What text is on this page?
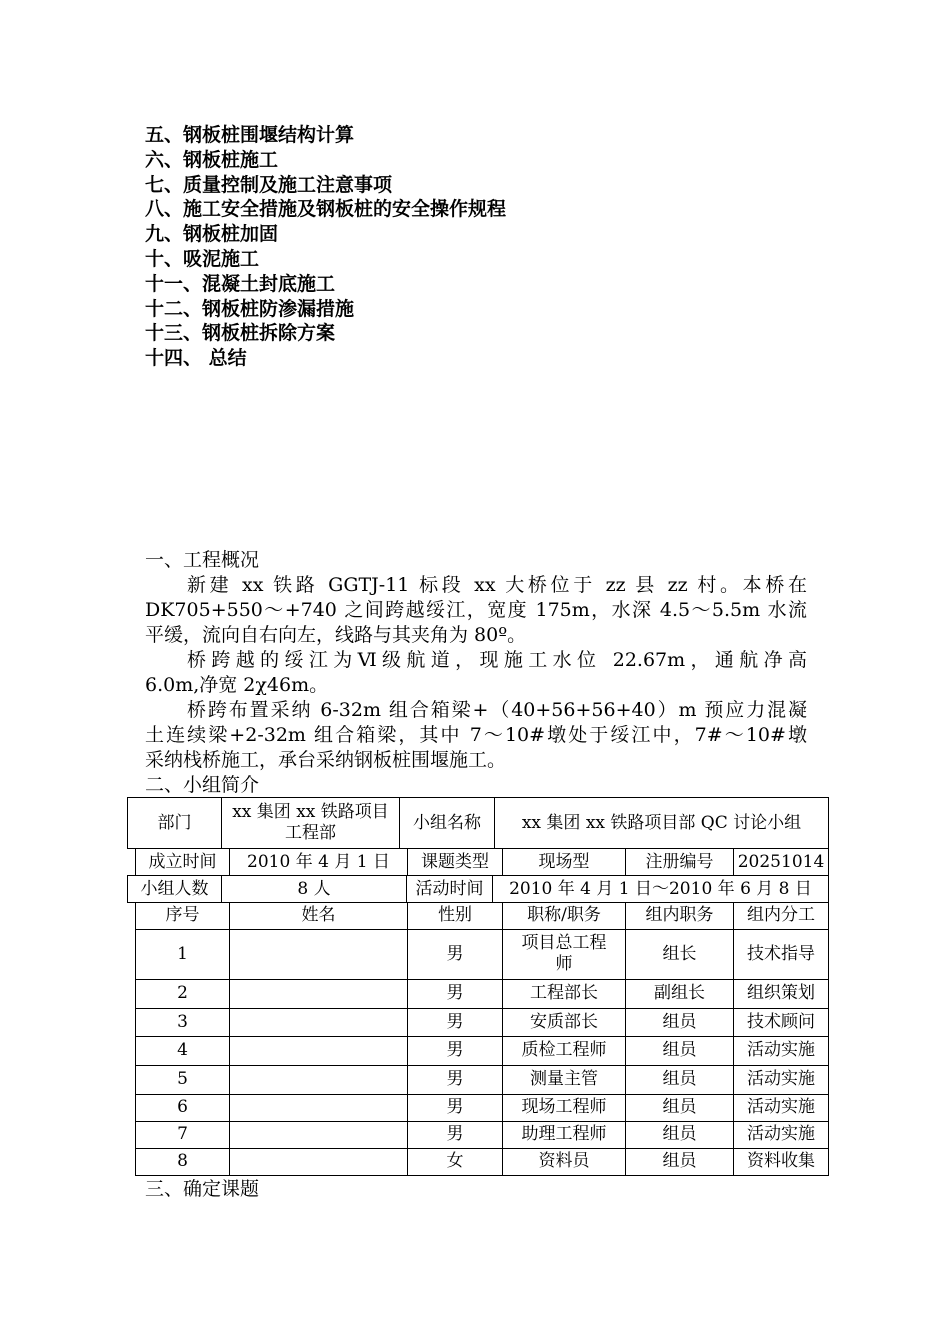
五、钢板桩围堰结构计算
六、钢板桩施工
七、质量控制及施工注意事项
八、施工安全措施及钢板桩的安全操作规程
九、钢板桩加固
十、吸泥施工
十一、混凝土封底施工
十二、钢板桩防渗漏措施
十三、钢板桩拆除方案
十四、 总结
一、工程概况
新建 xx 铁路 GGTJ-11 标段 xx 大桥位于 zz 县 zz 村。本桥在
DK705+550～+740 之间跨越绥江，宽度 175m，水深 4.5～5.5m 水流
平缓，流向自右向左，线路与其夹角为 80º。
桥跨越的绥江为Ⅵ级航道，现施工水位 22.67m，通航净高
6.0m,净宽 2χ46m。
桥跨布置采纳 6-32m 组合箱梁+（40+56+56+40）m 预应力混凝
土连续梁+2-32m 组合箱梁，其中 7～10#墩处于绥江中，7#～10#墩
采纳栈桥施工，承台采纳钢板桩围堰施工。
二、小组简介
部门	xx 集团 xx 铁路项目工程部	小组名称	xx 集团 xx 铁路项目部 QC 讨论小组
成立时间	2010 年 4 月 1 日	课题类型	现场型	注册编号	20251014
小组人数	8 人	活动时间	2010 年 4 月 1 日～2010 年 6 月 8 日
序号	姓名	性别	职称/职务	组内职务	组内分工
1		男	项目总工程师	组长	技术指导
2		男	工程部长	副组长	组织策划
3		男	安质部长	组员	技术顾问
4		男	质检工程师	组员	活动实施
5		男	测量主管	组员	活动实施
6		男	现场工程师	组员	活动实施
7		男	助理工程师	组员	活动实施
8		女	资料员	组员	资料收集
三、确定课题
